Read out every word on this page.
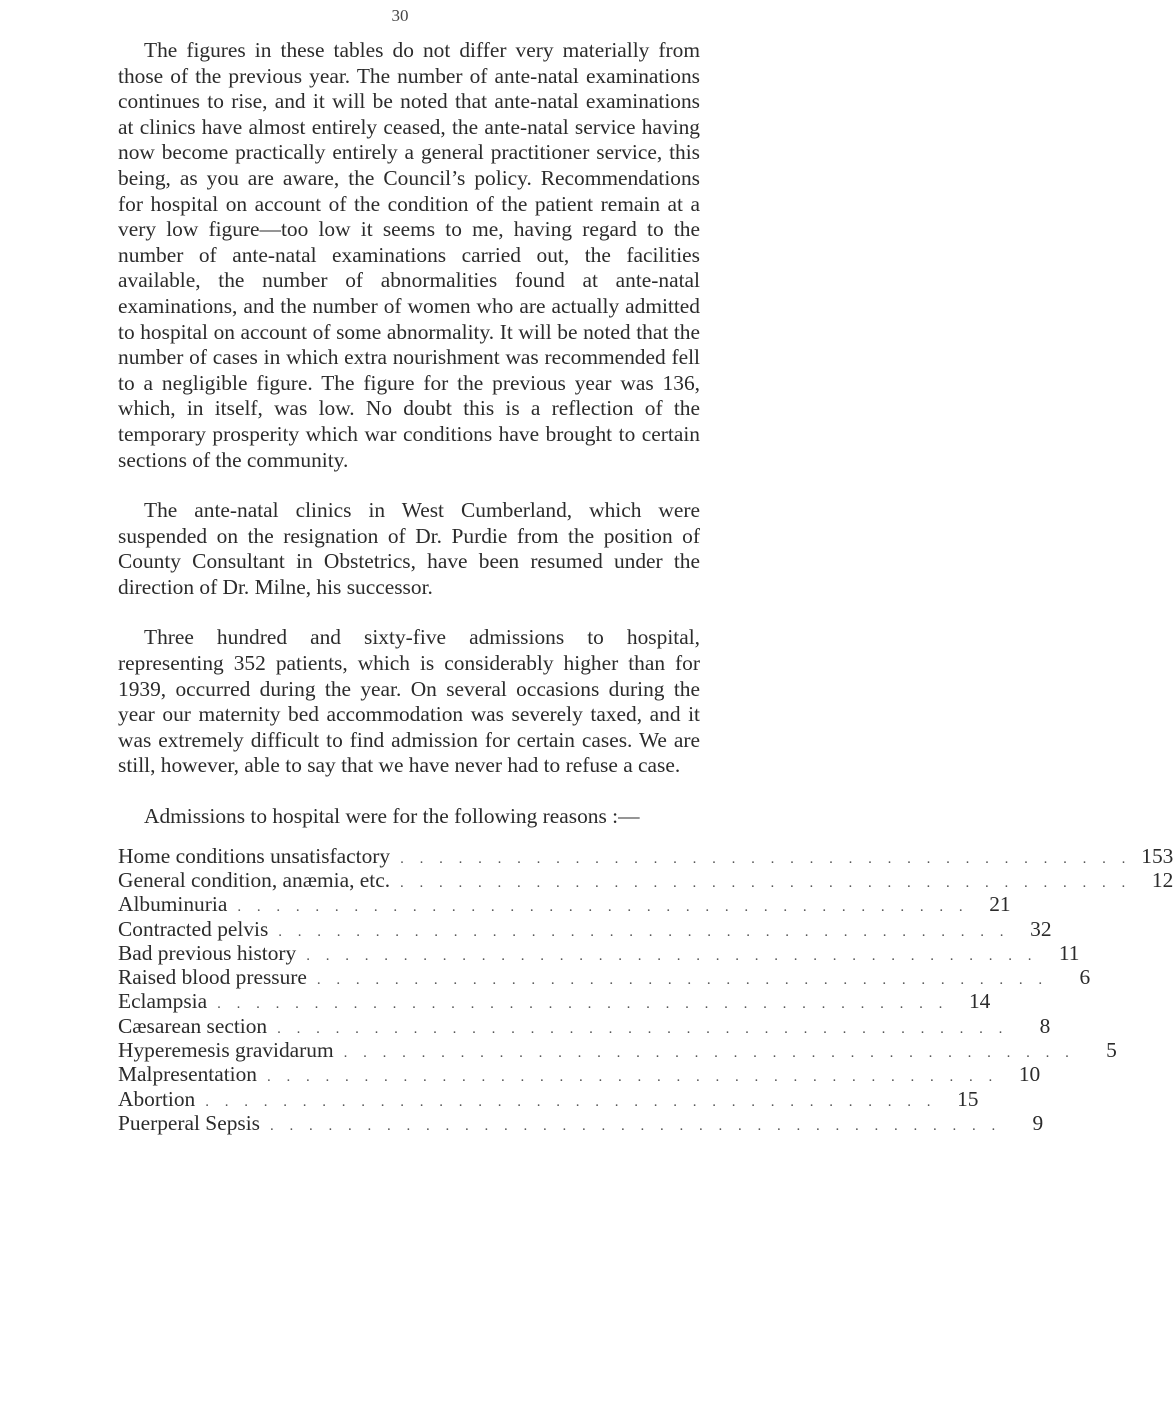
30

The figures in these tables do not differ very materially from those of the previous year. The number of ante-natal examinations continues to rise, and it will be noted that ante-natal examinations at clinics have almost entirely ceased, the ante-natal service having now become practically entirely a general practitioner service, this being, as you are aware, the Council’s policy. Recommendations for hospital on account of the condition of the patient remain at a very low figure—too low it seems to me, having regard to the number of ante-natal examinations carried out, the facilities available, the number of abnormalities found at ante-natal examinations, and the number of women who are actually admitted to hospital on account of some abnormality. It will be noted that the number of cases in which extra nourishment was recommended fell to a negligible figure. The figure for the previous year was 136, which, in itself, was low. No doubt this is a reflection of the temporary prosperity which war conditions have brought to certain sections of the community.

The ante-natal clinics in West Cumberland, which were suspended on the resignation of Dr. Purdie from the position of County Consultant in Obstetrics, have been resumed under the direction of Dr. Milne, his successor.

Three hundred and sixty-five admissions to hospital, representing 352 patients, which is considerably higher than for 1939, occurred during the year. On several occasions during the year our maternity bed accommodation was severely taxed, and it was extremely difficult to find admission for certain cases. We are still, however, able to say that we have never had to refuse a case.

Admissions to hospital were for the following reasons :—

Home conditions unsatisfactory . . . . . . . . . . . . . . . . . . . . . . . . . . . . . . . . . . . . . . 153
General condition, anæmia, etc. . . . . . . . . . . . . . . . . . . . . . . . . . . . . . . . . . . . . . . 12
Albuminuria . . . . . . . . . . . . . . . . . . . . . . . . . . . . . . . . . . . . . . 21
Contracted pelvis . . . . . . . . . . . . . . . . . . . . . . . . . . . . . . . . . . . . . . 32
Bad previous history . . . . . . . . . . . . . . . . . . . . . . . . . . . . . . . . . . . . . . 11
Raised blood pressure . . . . . . . . . . . . . . . . . . . . . . . . . . . . . . . . . . . . . .	6
Eclampsia . . . . . . . . . . . . . . . . . . . . . . . . . . . . . . . . . . . . . . 14
Cæsarean section . . . . . . . . . . . . . . . . . . . . . . . . . . . . . . . . . . . . . .	8
Hyperemesis gravidarum . . . . . . . . . . . . . . . . . . . . . . . . . . . . . . . . . . . . . .	5
Malpresentation . . . . . . . . . . . . . . . . . . . . . . . . . . . . . . . . . . . . . . 10
Abortion . . . . . . . . . . . . . . . . . . . . . . . . . . . . . . . . . . . . . . 15
Puerperal Sepsis . . . . . . . . . . . . . . . . . . . . . . . . . . . . . . . . . . . . . .	9
